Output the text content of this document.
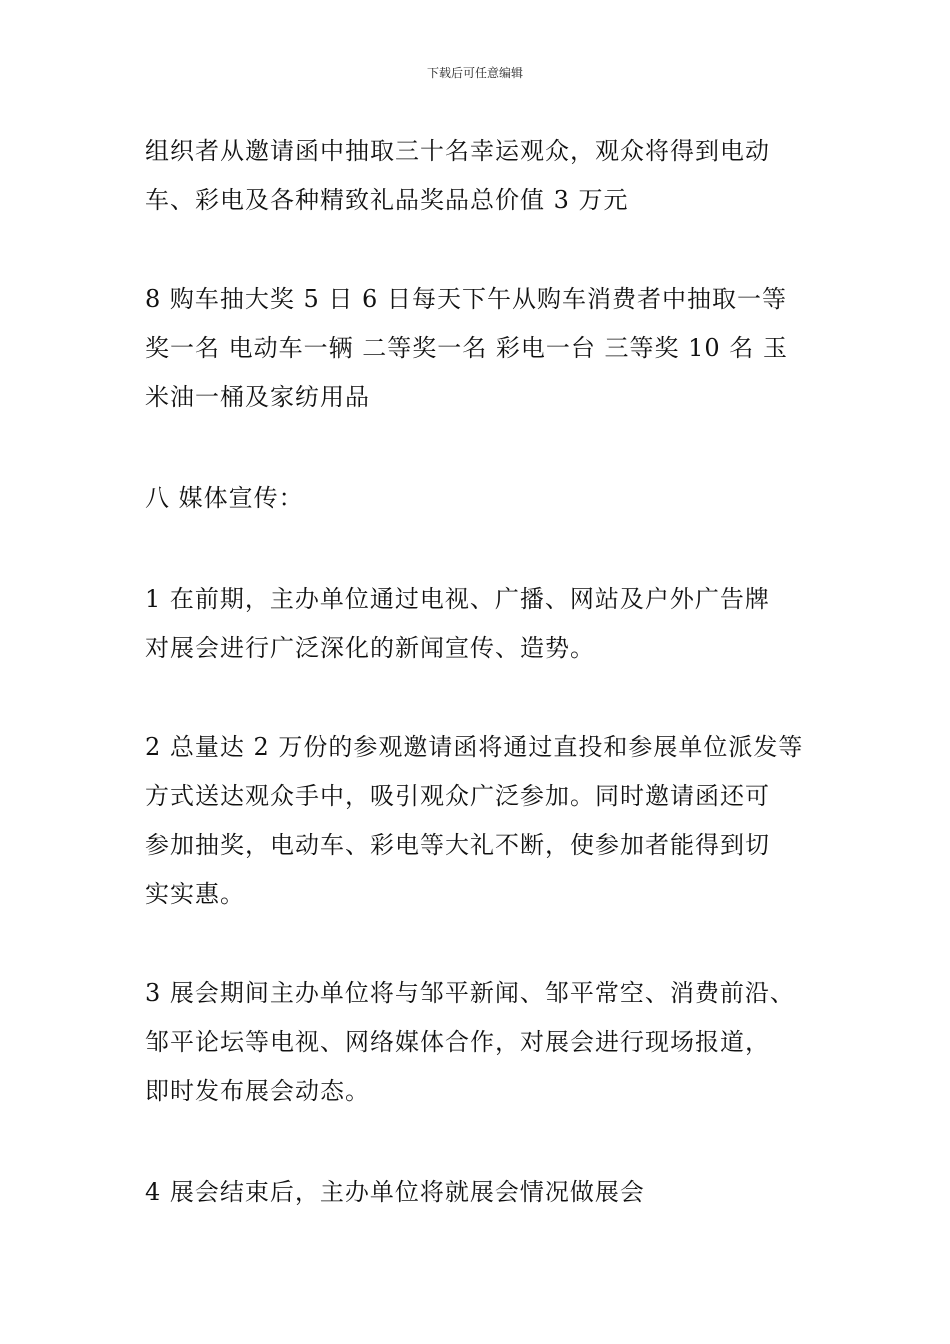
下载后可任意编辑
组织者从邀请函中抽取三十名幸运观众，观众将得到电动
车、彩电及各种精致礼品奖品总价值 3 万元
8 购车抽大奖 5 日 6 日每天下午从购车消费者中抽取一等
奖一名 电动车一辆 二等奖一名 彩电一台 三等奖 10 名 玉
米油一桶及家纺用品
八 媒体宣传：
1 在前期，主办单位通过电视、广播、网站及户外广告牌
对展会进行广泛深化的新闻宣传、造势。
2 总量达 2 万份的参观邀请函将通过直投和参展单位派发等
方式送达观众手中，吸引观众广泛参加。同时邀请函还可
参加抽奖，电动车、彩电等大礼不断，使参加者能得到切
实实惠。
3 展会期间主办单位将与邹平新闻、邹平常空、消费前沿、
邹平论坛等电视、网络媒体合作，对展会进行现场报道，
即时发布展会动态。
4 展会结束后，主办单位将就展会情况做展会
